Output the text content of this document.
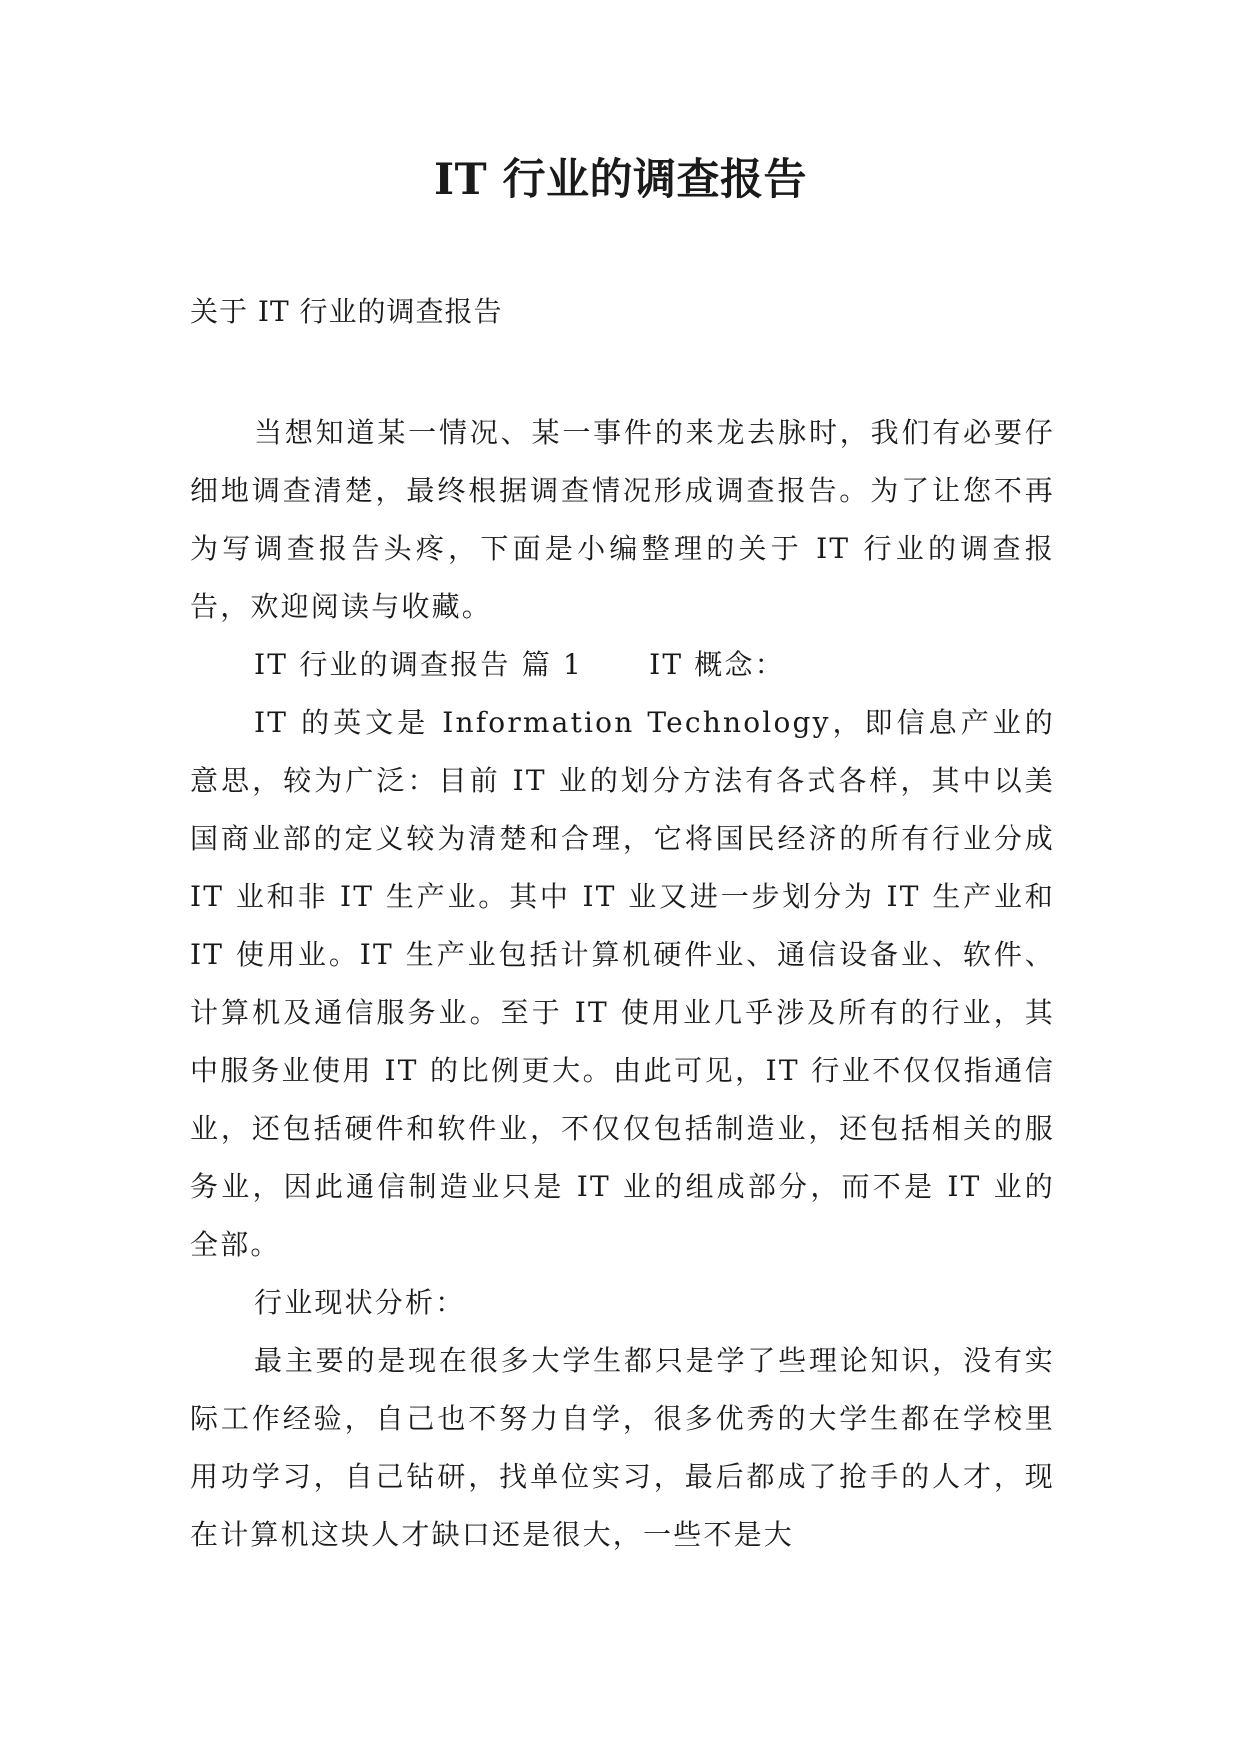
IT 行业的调查报告

关于 IT 行业的调查报告

当想知道某一情况、某一事件的来龙去脉时，我们有必要仔细地调查清楚，最终根据调查情况形成调查报告。为了让您不再为写调查报告头疼，下面是小编整理的关于 IT 行业的调查报告，欢迎阅读与收藏。

IT 行业的调查报告 篇 1 IT 概念：

IT 的英文是 Information Technology，即信息产业的意思，较为广泛：目前 IT 业的划分方法有各式各样，其中以美国商业部的定义较为清楚和合理，它将国民经济的所有行业分成 IT 业和非 IT 生产业。其中 IT 业又进一步划分为 IT 生产业和 IT 使用业。IT 生产业包括计算机硬件业、通信设备业、软件、计算机及通信服务业。至于 IT 使用业几乎涉及所有的行业，其中服务业使用 IT 的比例更大。由此可见，IT 行业不仅仅指通信业，还包括硬件和软件业，不仅仅包括制造业，还包括相关的服务业，因此通信制造业只是 IT 业的组成部分，而不是 IT 业的全部。

行业现状分析：

最主要的是现在很多大学生都只是学了些理论知识，没有实际工作经验，自己也不努力自学，很多优秀的大学生都在学校里用功学习，自己钻研，找单位实习，最后都成了抢手的人才，现在计算机这块人才缺口还是很大，一些不是大
